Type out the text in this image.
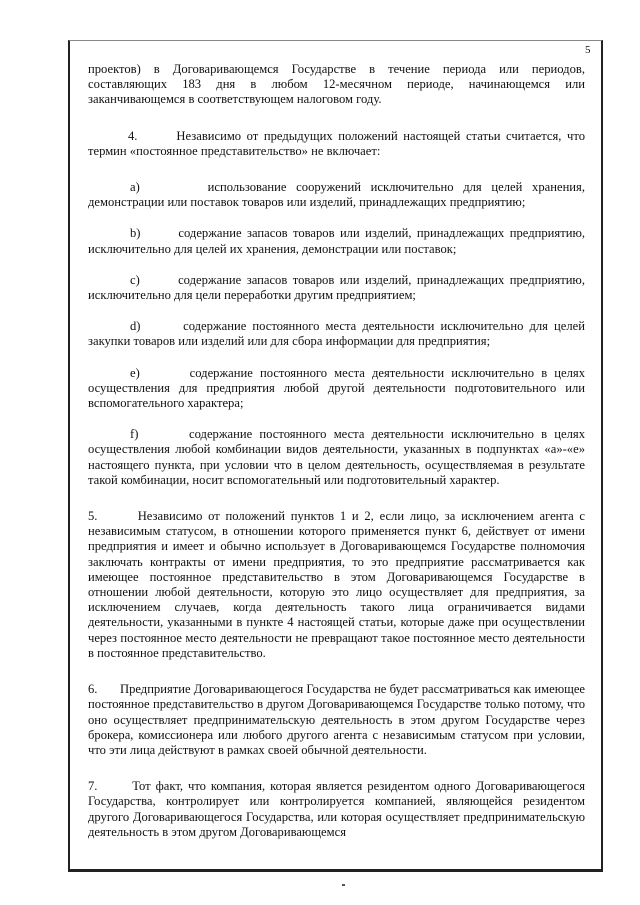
5

проектов) в Договаривающемся Государстве в течение периода или периодов, составляющих 183 дня в любом 12-месячном периоде, начинающемся или заканчивающемся в соответствующем налоговом году.

4.       Независимо от предыдущих положений настоящей статьи считается, что термин «постоянное представительство» не включает:

a)       использование сооружений исключительно для целей хранения, демонстрации или поставок товаров или изделий, принадлежащих предприятию;

b)       содержание запасов товаров или изделий, принадлежащих предприятию, исключительно для целей их хранения, демонстрации или поставок;

c)       содержание запасов товаров или изделий, принадлежащих предприятию, исключительно для цели переработки другим предприятием;

d)       содержание постоянного места деятельности исключительно для целей закупки товаров или изделий или для сбора информации для предприятия;

e)       содержание постоянного места деятельности исключительно в целях осуществления для предприятия любой другой деятельности подготовительного или вспомогательного характера;

f)       содержание постоянного места деятельности исключительно в целях осуществления любой комбинации видов деятельности, указанных в подпунктах «а»-«е» настоящего пункта, при условии что в целом деятельность, осуществляемая в результате такой комбинации, носит вспомогательный или подготовительный характер.

5.       Независимо от положений пунктов 1 и 2, если лицо, за исключением агента с независимым статусом, в отношении которого применяется пункт 6, действует от имени предприятия и имеет и обычно использует в Договаривающемся Государстве полномочия заключать контракты от имени предприятия, то это предприятие рассматривается как имеющее постоянное представительство в этом Договаривающемся Государстве в отношении любой деятельности, которую это лицо осуществляет для предприятия, за исключением случаев, когда деятельность такого лица ограничивается видами деятельности, указанными в пункте 4 настоящей статьи, которые даже при осуществлении через постоянное место деятельности не превращают такое постоянное место деятельности в постоянное представительство.

6.       Предприятие Договаривающегося Государства не будет рассматриваться как имеющее постоянное представительство в другом Договаривающемся Государстве только потому, что оно осуществляет предпринимательскую деятельность в этом другом Государстве через брокера, комиссионера или любого другого агента с независимым статусом при условии, что эти лица действуют в рамках своей обычной деятельности.

7.       Тот факт, что компания, которая является резидентом одного Договаривающегося Государства, контролирует или контролируется компанией, являющейся резидентом другого Договаривающегося Государства, или которая осуществляет предпринимательскую деятельность в этом другом Договаривающемся
